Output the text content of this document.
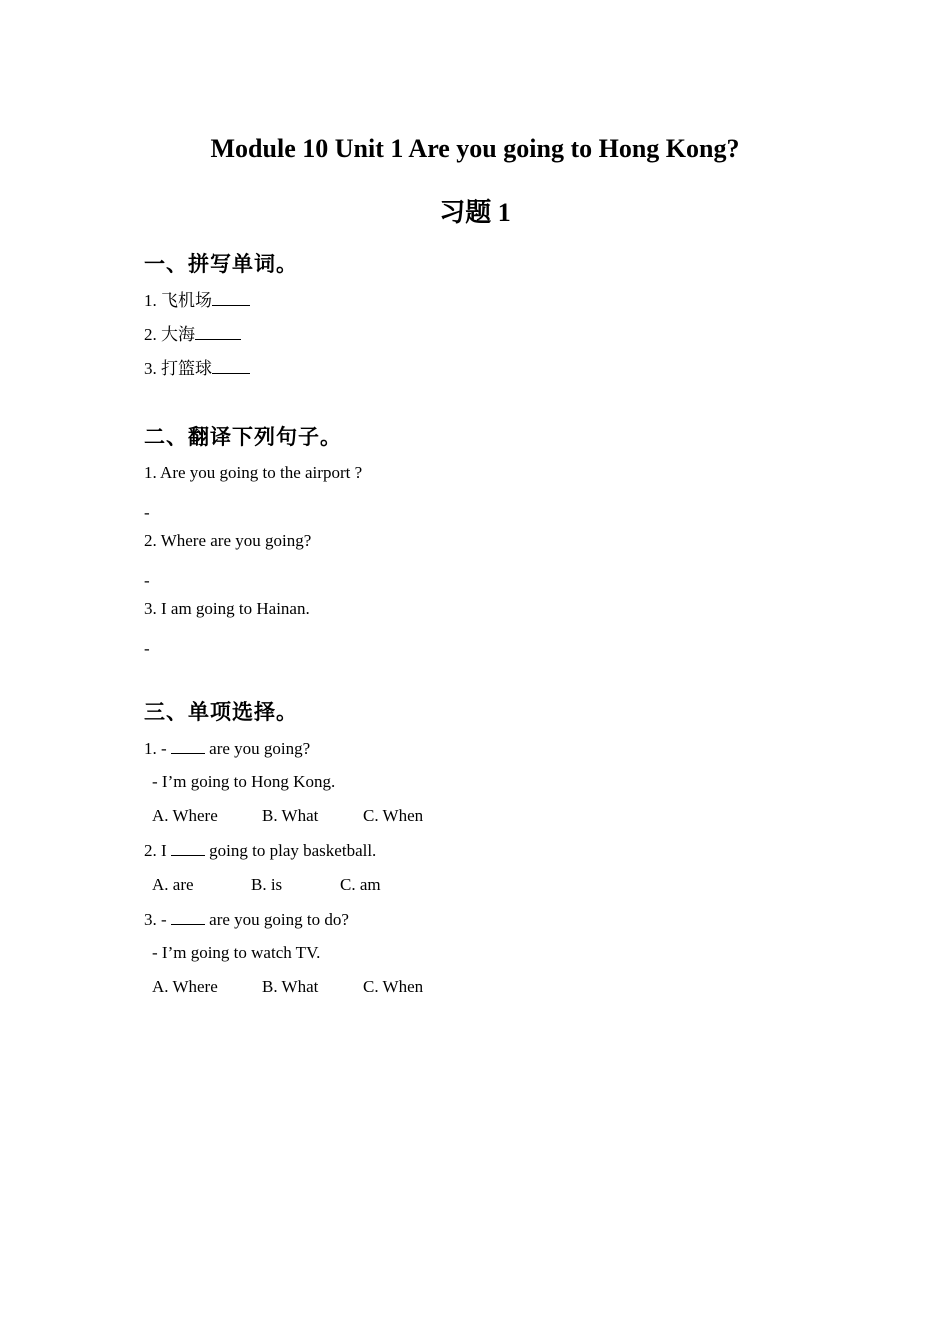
Module 10 Unit 1 Are you going to Hong Kong?
习题 1
一、拼写单词。
1. 飞机场
2. 大海
3. 打篮球
二、翻译下列句子。
1. Are you going to the airport ?
-
2. Where are you going?
-
3. I am going to Hainan.
-
三、单项选择。
1. -  are you going?
- I’m going to Hong Kong.
A. Where	B. What	C. When
2. I  going to play basketball.
A. are	B. is	C. am
3. -  are you going to do?
- I’m going to watch TV.
A. Where	B. What	C. When
